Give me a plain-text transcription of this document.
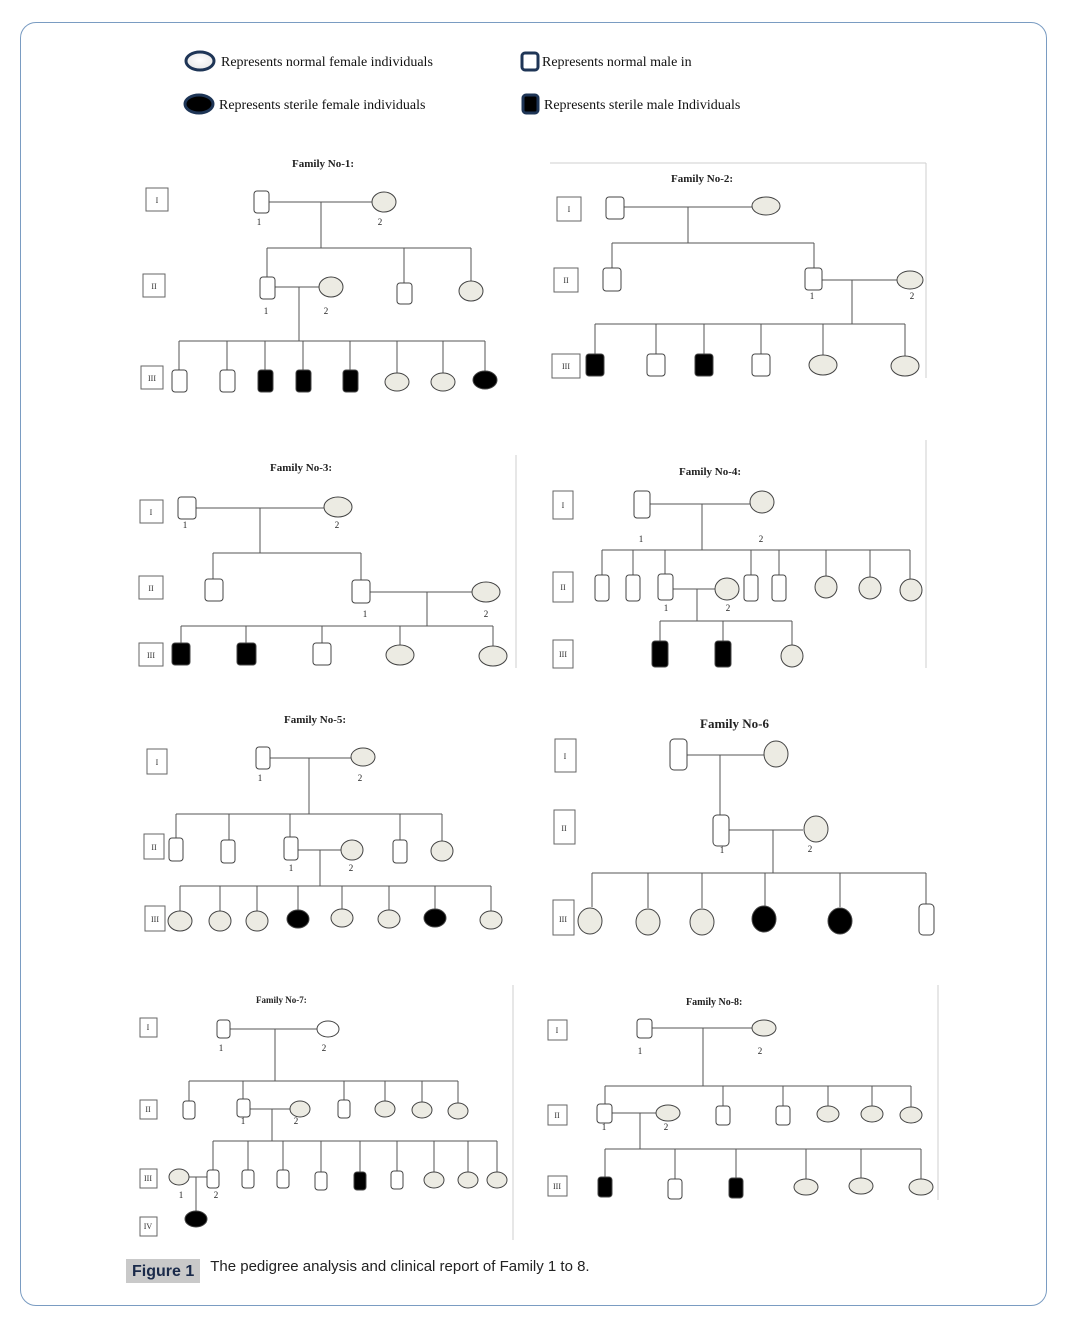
Represents normal female individuals	Represents normal male in
Represents sterile female individuals	Represents sterile male Individuals
Family No-1:
I
II
III
1	2
1	2
Family No-2:
I
II
III
1	2
Family No-3:
I
II
III
1	2
1	2
Family No-4:
I
II
III
1	2
1	2
Family No-5:
I
II
III
1	2
1	2
Family No-6
I
II
III
1	2
Family No-7:
I
II
III
IV
1	2
1	2
1	2
Family No-8:
I
II
III
1	2
1	2
Figure 1	The pedigree analysis and clinical report of Family 1 to 8.
